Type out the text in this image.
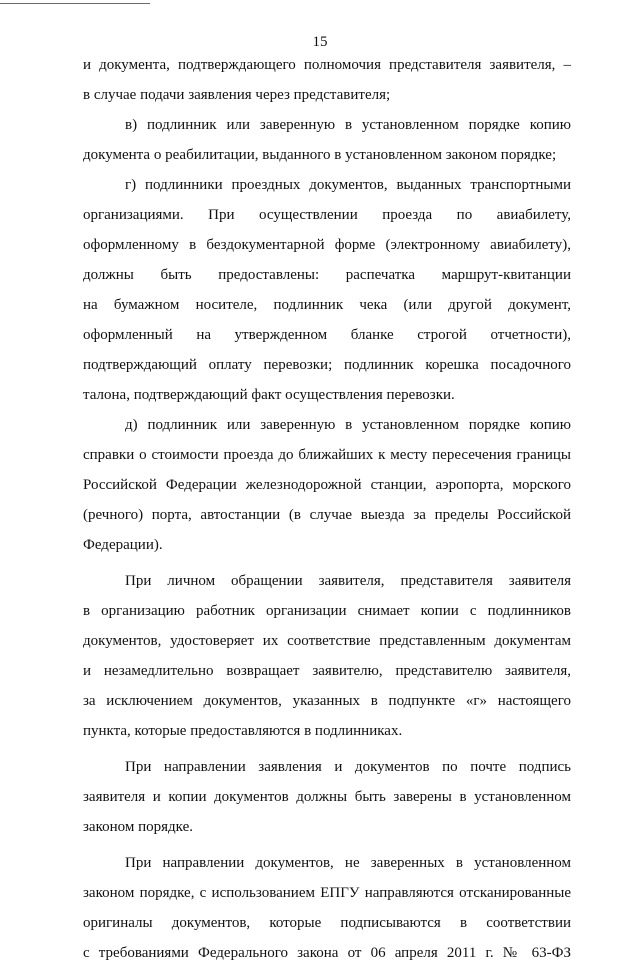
15

и документа, подтверждающего полномочия представителя заявителя, –

в случае подачи заявления через представителя;

в) подлинник или заверенную в установленном порядке копию

документа о реабилитации, выданного в установленном законом порядке;

г) подлинники проездных документов, выданных транспортными

организациями. При осуществлении проезда по авиабилету,

оформленному в бездокументарной форме (электронному авиабилету),

должны быть предоставлены: распечатка маршрут-квитанции

на бумажном носителе, подлинник чека (или другой документ,

оформленный на утвержденном бланке строгой отчетности),

подтверждающий оплату перевозки; подлинник корешка посадочного

талона, подтверждающий факт осуществления перевозки.

д) подлинник или заверенную в установленном порядке копию

справки о стоимости проезда до ближайших к месту пересечения границы

Российской Федерации железнодорожной станции, аэропорта, морского

(речного) порта, автостанции (в случае выезда за пределы Российской

Федерации).

При личном обращении заявителя, представителя заявителя

в организацию работник организации снимает копии с подлинников

документов, удостоверяет их соответствие представленным документам

и незамедлительно возвращает заявителю, представителю заявителя,

за исключением документов, указанных в подпункте «г» настоящего

пункта, которые предоставляются в подлинниках.

При направлении заявления и документов по почте подпись

заявителя и копии документов должны быть заверены в установленном

законом порядке.

При направлении документов, не заверенных в установленном

законом порядке, с использованием ЕПГУ направляются отсканированные

оригиналы документов, которые подписываются в соответствии

с требованиями Федерального закона от 06 апреля 2011 г. № 63-ФЗ
